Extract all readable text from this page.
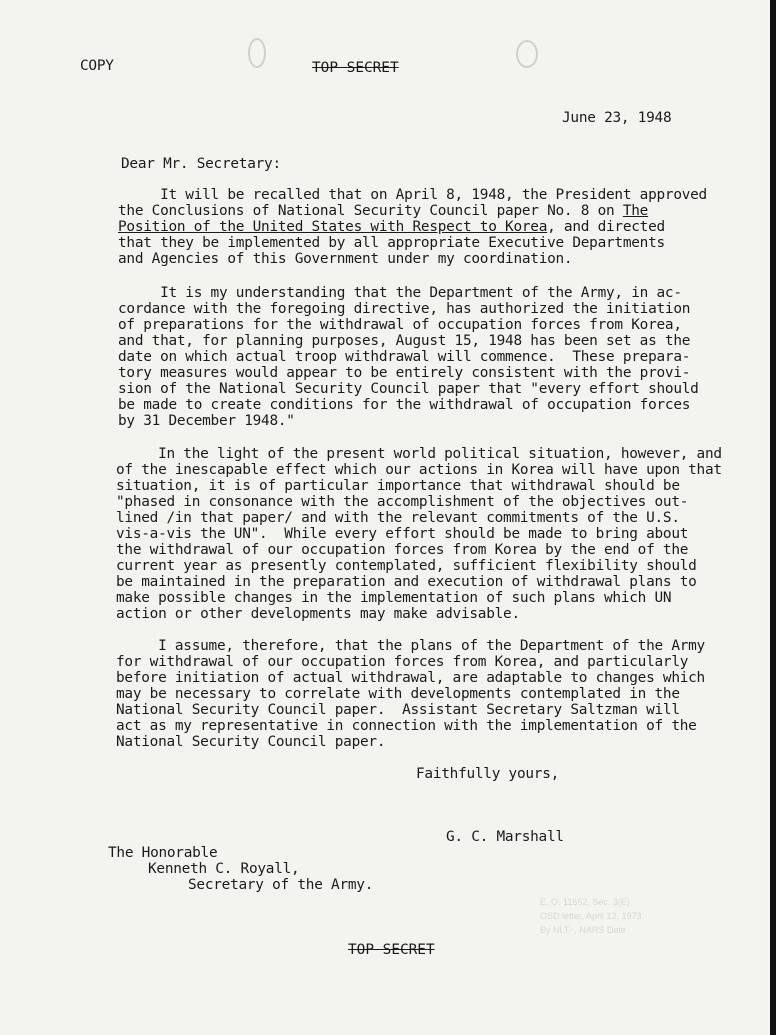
COPY	TOP SECRET
June 23, 1948
Dear Mr. Secretary:
It will be recalled that on April 8, 1948, the President approved
the Conclusions of National Security Council paper No. 8 on The
Position of the United States with Respect to Korea, and directed
that they be implemented by all appropriate Executive Departments
and Agencies of this Government under my coordination.
It is my understanding that the Department of the Army, in ac-
cordance with the foregoing directive, has authorized the initiation
of preparations for the withdrawal of occupation forces from Korea,
and that, for planning purposes, August 15, 1948 has been set as the
date on which actual troop withdrawal will commence.  These prepara-
tory measures would appear to be entirely consistent with the provi-
sion of the National Security Council paper that "every effort should
be made to create conditions for the withdrawal of occupation forces
by 31 December 1948."
In the light of the present world political situation, however, and
of the inescapable effect which our actions in Korea will have upon that
situation, it is of particular importance that withdrawal should be
"phased in consonance with the accomplishment of the objectives out-
lined /in that paper/ and with the relevant commitments of the U.S.
vis-a-vis the UN".  While every effort should be made to bring about
the withdrawal of our occupation forces from Korea by the end of the
current year as presently contemplated, sufficient flexibility should
be maintained in the preparation and execution of withdrawal plans to
make possible changes in the implementation of such plans which UN
action or other developments may make advisable.
I assume, therefore, that the plans of the Department of the Army
for withdrawal of our occupation forces from Korea, and particularly
before initiation of actual withdrawal, are adaptable to changes which
may be necessary to correlate with developments contemplated in the
National Security Council paper.  Assistant Secretary Saltzman will
act as my representative in connection with the implementation of the
National Security Council paper.
Faithfully yours,
G. C. Marshall
The Honorable
Kenneth C. Royall,
Secretary of the Army.
E. O. 11652, Sec. 3(E)
OSD letter, April 12, 1973
By NLT- , NARS Date
TOP SECRET
